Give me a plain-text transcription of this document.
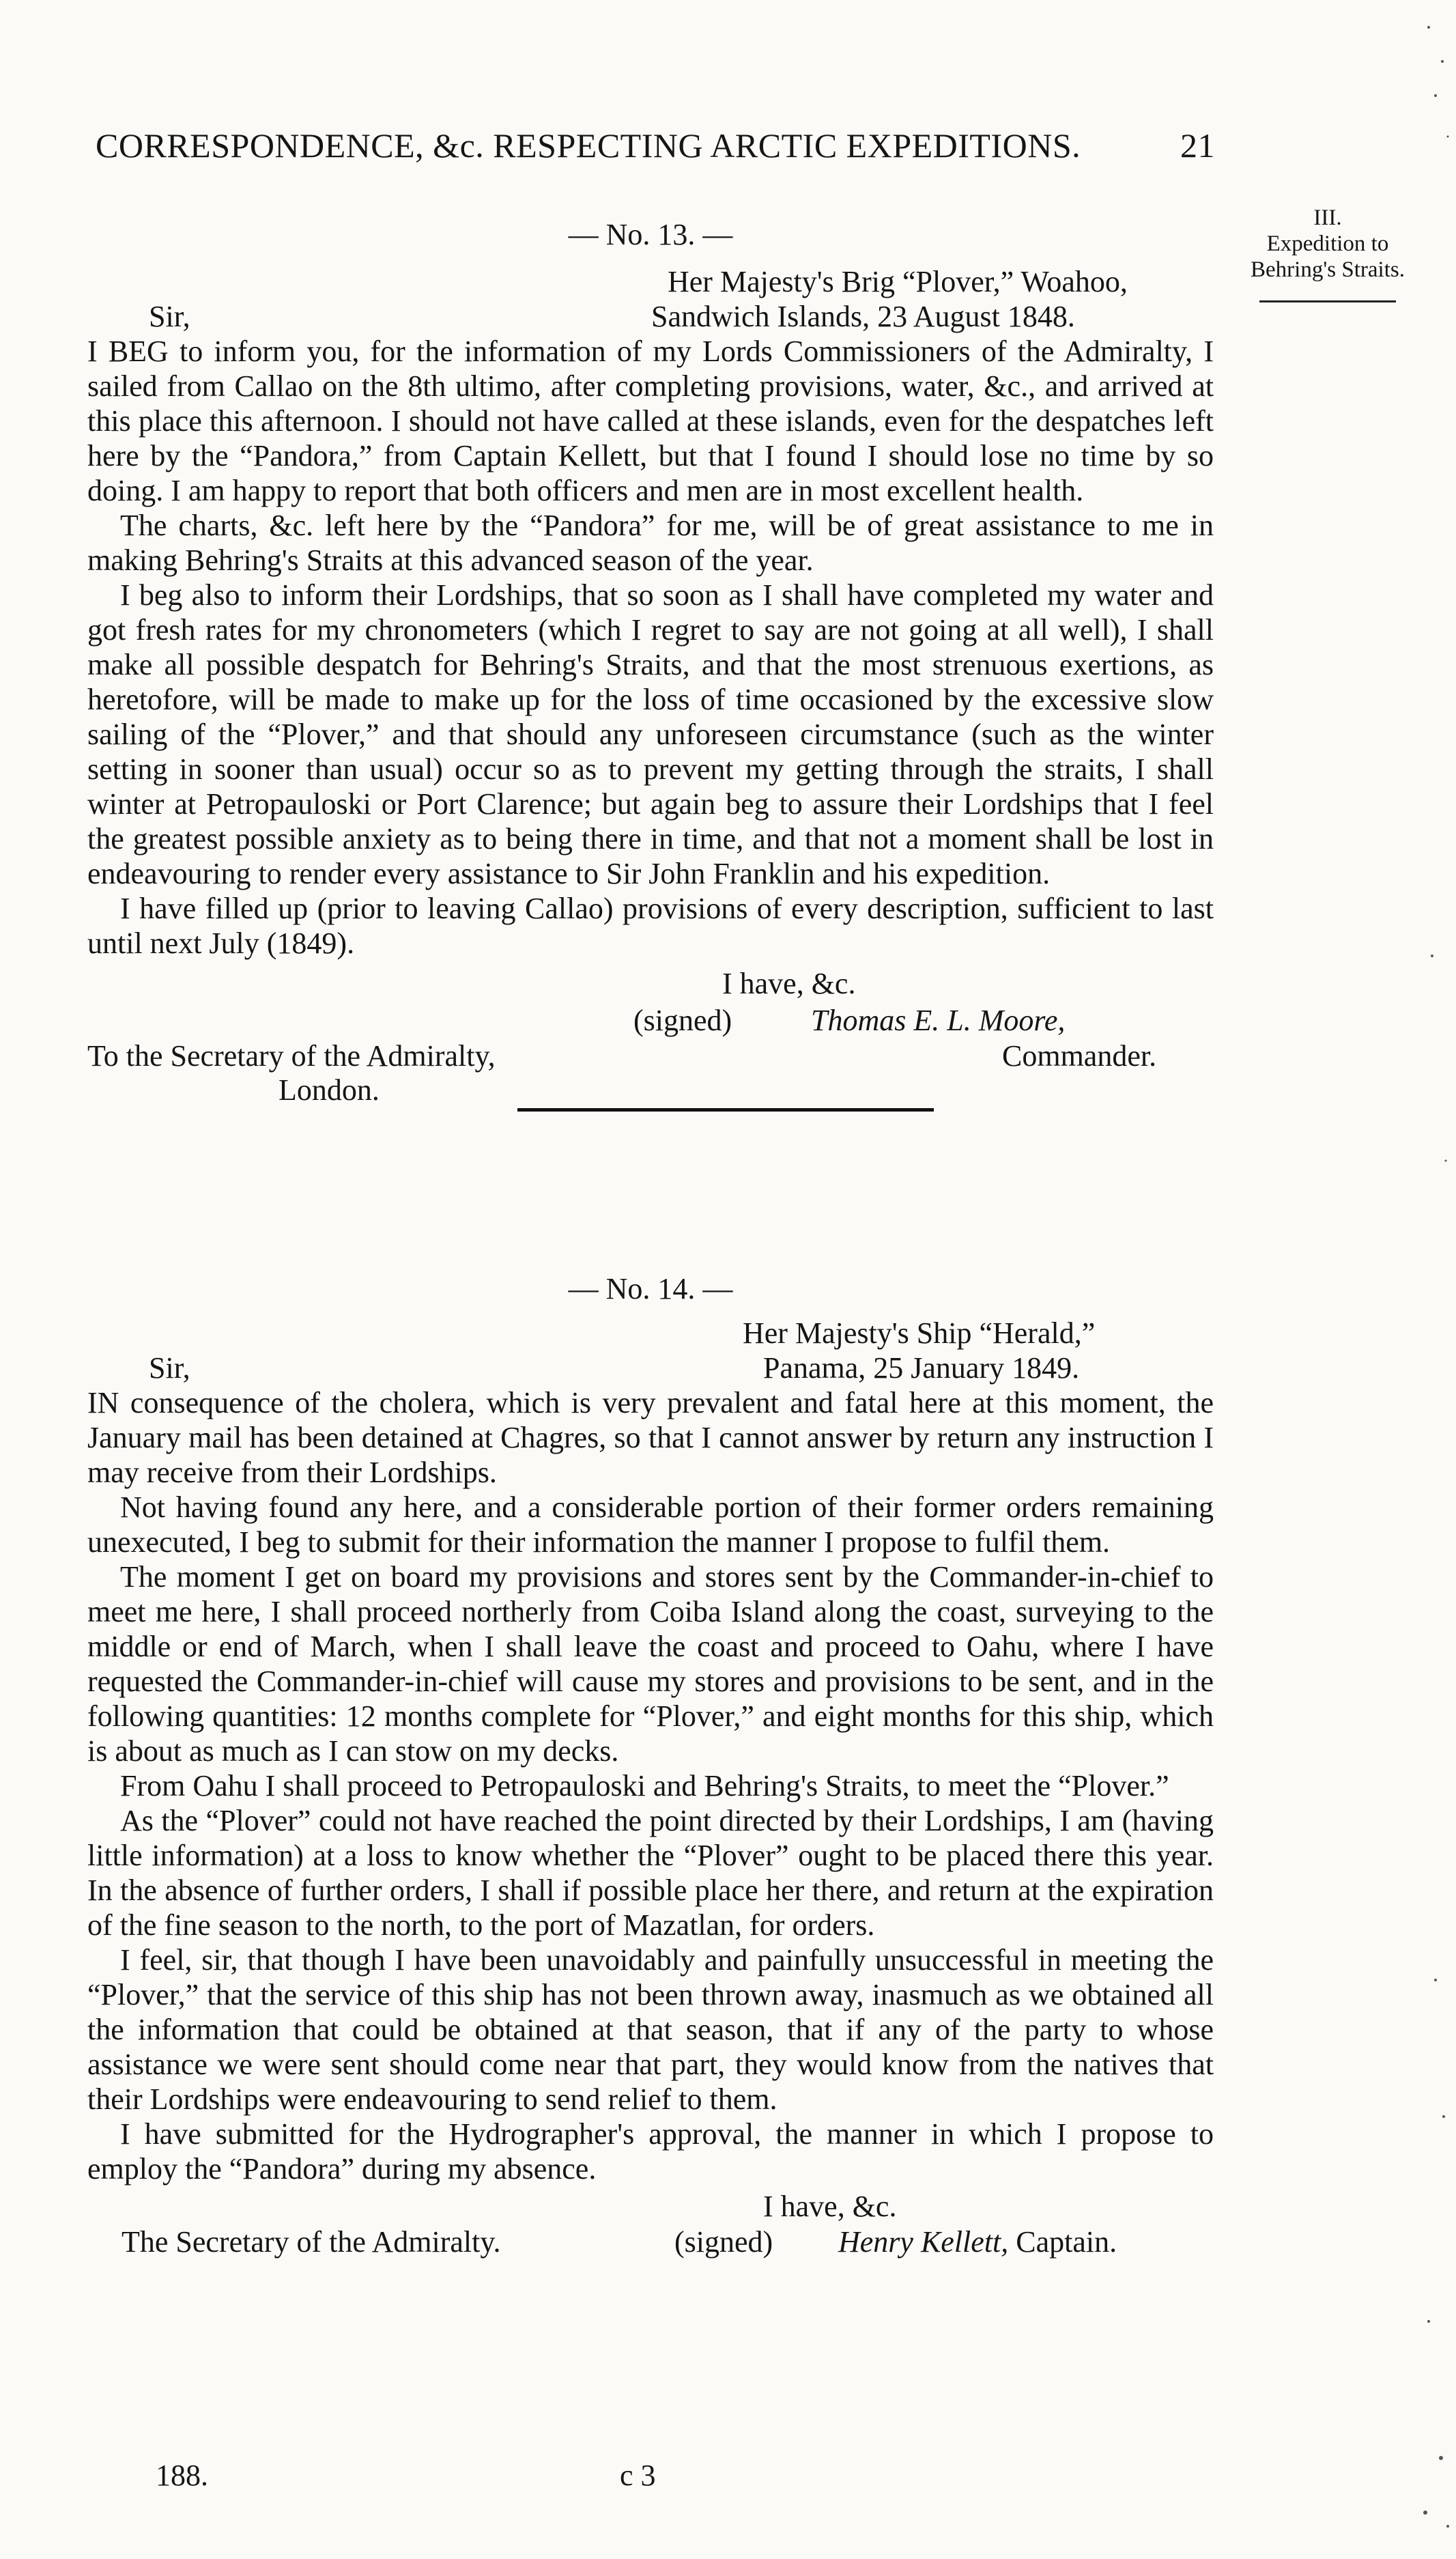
CORRESPONDENCE, &c. RESPECTING ARCTIC EXPEDITIONS.	21
III.
Expedition to
Behring's Straits.
— No. 13. —
Her Majesty's Brig “Plover,” Woahoo,
Sir,	Sandwich Islands, 23 August 1848.

I BEG to inform you, for the information of my Lords Commissioners of the Admiralty, I sailed from Callao on the 8th ultimo, after completing provisions, water, &c., and arrived at this place this afternoon. I should not have called at these islands, even for the despatches left here by the “Pandora,” from Captain Kellett, but that I found I should lose no time by so doing. I am happy to report that both officers and men are in most excellent health.

The charts, &c. left here by the “Pandora” for me, will be of great assistance to me in making Behring's Straits at this advanced season of the year.

I beg also to inform their Lordships, that so soon as I shall have completed my water and got fresh rates for my chronometers (which I regret to say are not going at all well), I shall make all possible despatch for Behring's Straits, and that the most strenuous exertions, as heretofore, will be made to make up for the loss of time occasioned by the excessive slow sailing of the “Plover,” and that should any unforeseen circumstance (such as the winter setting in sooner than usual) occur so as to prevent my getting through the straits, I shall winter at Petropauloski or Port Clarence; but again beg to assure their Lordships that I feel the greatest possible anxiety as to being there in time, and that not a moment shall be lost in endeavouring to render every assistance to Sir John Franklin and his expedition.

I have filled up (prior to leaving Callao) provisions of every description, sufficient to last until next July (1849).

I have, &c.
(signed)	Thomas E. L. Moore,
To the Secretary of the Admiralty,	Commander.
London.
— No. 14. —
Her Majesty's Ship “Herald,”
Sir,	Panama, 25 January 1849.

IN consequence of the cholera, which is very prevalent and fatal here at this moment, the January mail has been detained at Chagres, so that I cannot answer by return any instruction I may receive from their Lordships.

Not having found any here, and a considerable portion of their former orders remaining unexecuted, I beg to submit for their information the manner I propose to fulfil them.

The moment I get on board my provisions and stores sent by the Commander-in-chief to meet me here, I shall proceed northerly from Coiba Island along the coast, surveying to the middle or end of March, when I shall leave the coast and proceed to Oahu, where I have requested the Commander-in-chief will cause my stores and provisions to be sent, and in the following quantities: 12 months complete for “Plover,” and eight months for this ship, which is about as much as I can stow on my decks.

From Oahu I shall proceed to Petropauloski and Behring's Straits, to meet the “Plover.”

As the “Plover” could not have reached the point directed by their Lordships, I am (having little information) at a loss to know whether the “Plover” ought to be placed there this year. In the absence of further orders, I shall if possible place her there, and return at the expiration of the fine season to the north, to the port of Mazatlan, for orders.

I feel, sir, that though I have been unavoidably and painfully unsuccessful in meeting the “Plover,” that the service of this ship has not been thrown away, inasmuch as we obtained all the information that could be obtained at that season, that if any of the party to whose assistance we were sent should come near that part, they would know from the natives that their Lordships were endeavouring to send relief to them.

I have submitted for the Hydrographer's approval, the manner in which I propose to employ the “Pandora” during my absence.

I have, &c.
The Secretary of the Admiralty.	(signed) Henry Kellett, Captain.
188.	c 3
